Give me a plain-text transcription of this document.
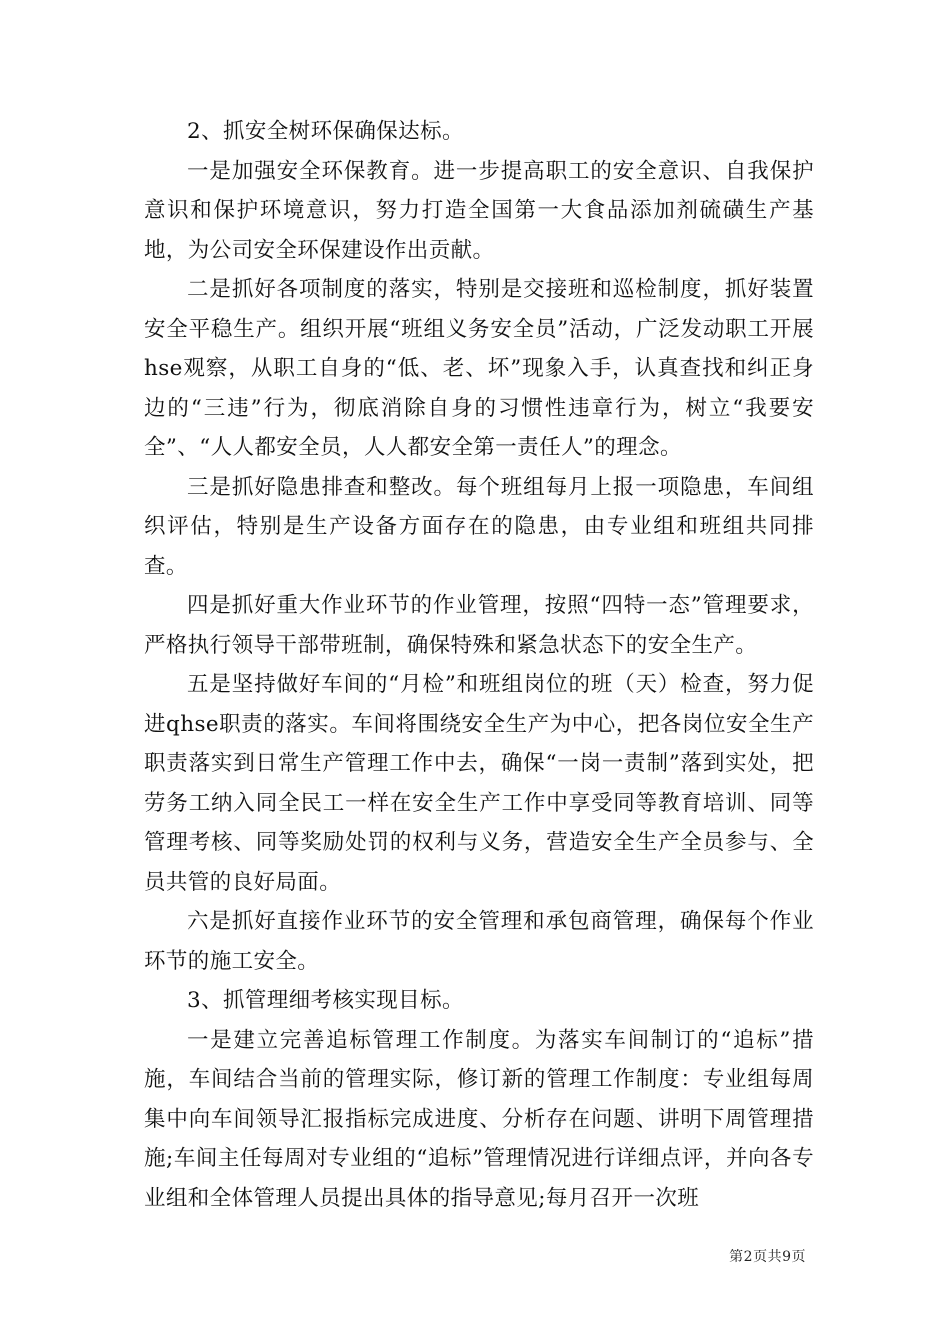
2、抓安全树环保确保达标。

一是加强安全环保教育。进一步提高职工的安全意识、自我保护意识和保护环境意识，努力打造全国第一大食品添加剂硫磺生产基地，为公司安全环保建设作出贡献。

二是抓好各项制度的落实，特别是交接班和巡检制度，抓好装置安全平稳生产。组织开展“班组义务安全员”活动，广泛发动职工开展hse观察，从职工自身的“低、老、坏”现象入手，认真查找和纠正身边的“三违”行为，彻底消除自身的习惯性违章行为，树立“我要安全”、“人人都安全员，人人都安全第一责任人”的理念。

三是抓好隐患排查和整改。每个班组每月上报一项隐患，车间组织评估，特别是生产设备方面存在的隐患，由专业组和班组共同排查。

四是抓好重大作业环节的作业管理，按照“四特一态”管理要求，严格执行领导干部带班制，确保特殊和紧急状态下的安全生产。

五是坚持做好车间的“月检”和班组岗位的班（天）检查，努力促进qhse职责的落实。车间将围绕安全生产为中心，把各岗位安全生产职责落实到日常生产管理工作中去，确保“一岗一责制”落到实处，把劳务工纳入同全民工一样在安全生产工作中享受同等教育培训、同等管理考核、同等奖励处罚的权利与义务，营造安全生产全员参与、全员共管的良好局面。

六是抓好直接作业环节的安全管理和承包商管理，确保每个作业环节的施工安全。

3、抓管理细考核实现目标。

一是建立完善追标管理工作制度。为落实车间制订的“追标”措施，车间结合当前的管理实际，修订新的管理工作制度：专业组每周集中向车间领导汇报指标完成进度、分析存在问题、讲明下周管理措施;车间主任每周对专业组的“追标”管理情况进行详细点评，并向各专业组和全体管理人员提出具体的指导意见;每月召开一次班

第2页共9页
